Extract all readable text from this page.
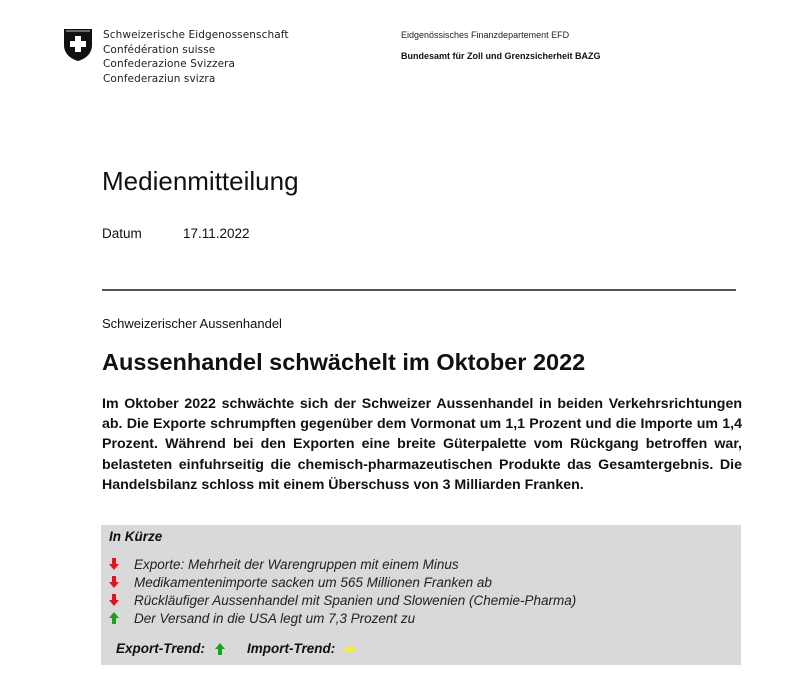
Schweizerische Eidgenossenschaft
Confédération suisse
Confederazione Svizzera
Confederaziun svizra
Eidgenössisches Finanzdepartement EFD
Bundesamt für Zoll und Grenzsicherheit BAZG
Medienmitteilung
Datum	17.11.2022
Schweizerischer Aussenhandel
Aussenhandel schwächelt im Oktober 2022
Im Oktober 2022 schwächte sich der Schweizer Aussenhandel in beiden Verkehrsrichtungen ab. Die Exporte schrumpften gegenüber dem Vormonat um 1,1 Prozent und die Importe um 1,4 Prozent. Während bei den Exporten eine breite Güterpalette vom Rückgang betroffen war, belasteten einfuhrseitig die chemisch-pharmazeutischen Produkte das Gesamtergebnis. Die Handelsbilanz schloss mit einem Überschuss von 3 Milliarden Franken.
In Kürze
Exporte: Mehrheit der Warengruppen mit einem Minus
Medikamentenimporte sacken um 565 Millionen Franken ab
Rückläufiger Aussenhandel mit Spanien und Slowenien (Chemie-Pharma)
Der Versand in die USA legt um 7,3 Prozent zu
Export-Trend:	Import-Trend:
